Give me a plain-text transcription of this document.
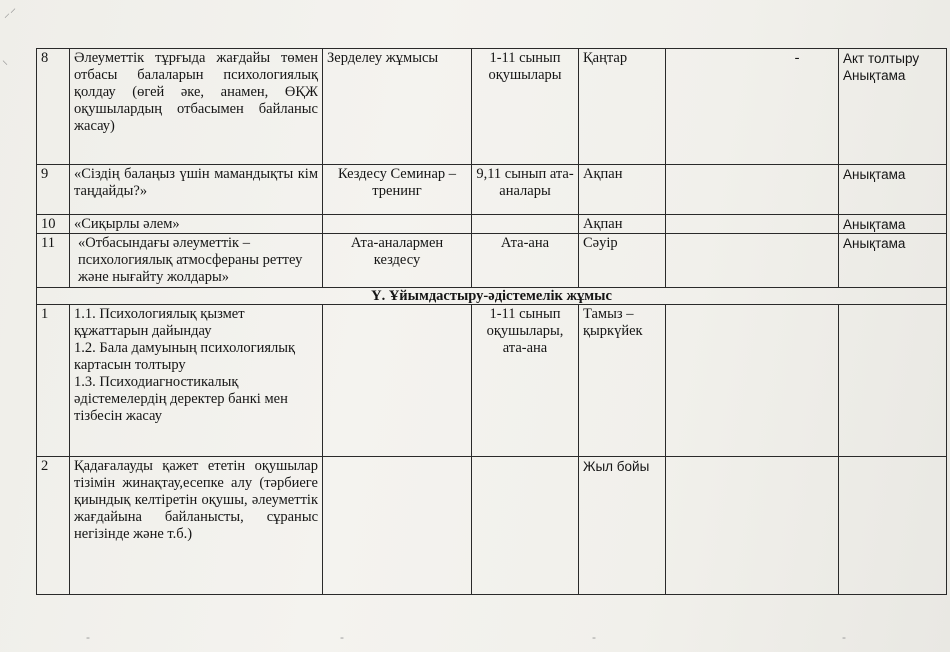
⸝⸍
⸌ 8	Әлеуметтік тұрғыда жағдайы төмен отбасы балаларын психологиялық қолдау (өгей әке, анамен, ӨҚЖ оқушылардың отбасымен байланыс жасау)	Зерделеу жұмысы	1-11 сынып оқушылары	Қаңтар	-	Акт толтыру Анықтама
9	«Сіздің балаңыз үшін мамандықты кім таңдайды?»	Кездесу Семинар –тренинг	9,11 сынып ата-аналары	Ақпан		Анықтама
10	«Сиқырлы әлем»			Ақпан		Анықтама
11	«Отбасындағы әлеуметтік – психологиялық атмосфераны реттеу және нығайту жолдары»	Ата-аналармен кездесу	Ата-ана	Сәуір		Анықтама
Ү. Ұйымдастыру-әдістемелік жұмыс						
1	1.1. Психологиялық қызмет құжаттарын дайындау
1.2. Бала дамуының психологиялық картасын толтыру
1.3. Психодиагностикалық әдістемелердің деректер банкі мен тізбесін жасау		1-11 сынып оқушылары, ата-ана	Тамыз – қыркүйек		
2	Қадағалауды қажет ететін оқушылар тізімін жинақтау,есепке алу (тәрбиеге қиындық келтіретін оқушы, әлеуметтік жағдайына байланысты, сұраныс негізінде және т.б.)			Жыл бойы		
-	-	-	-
